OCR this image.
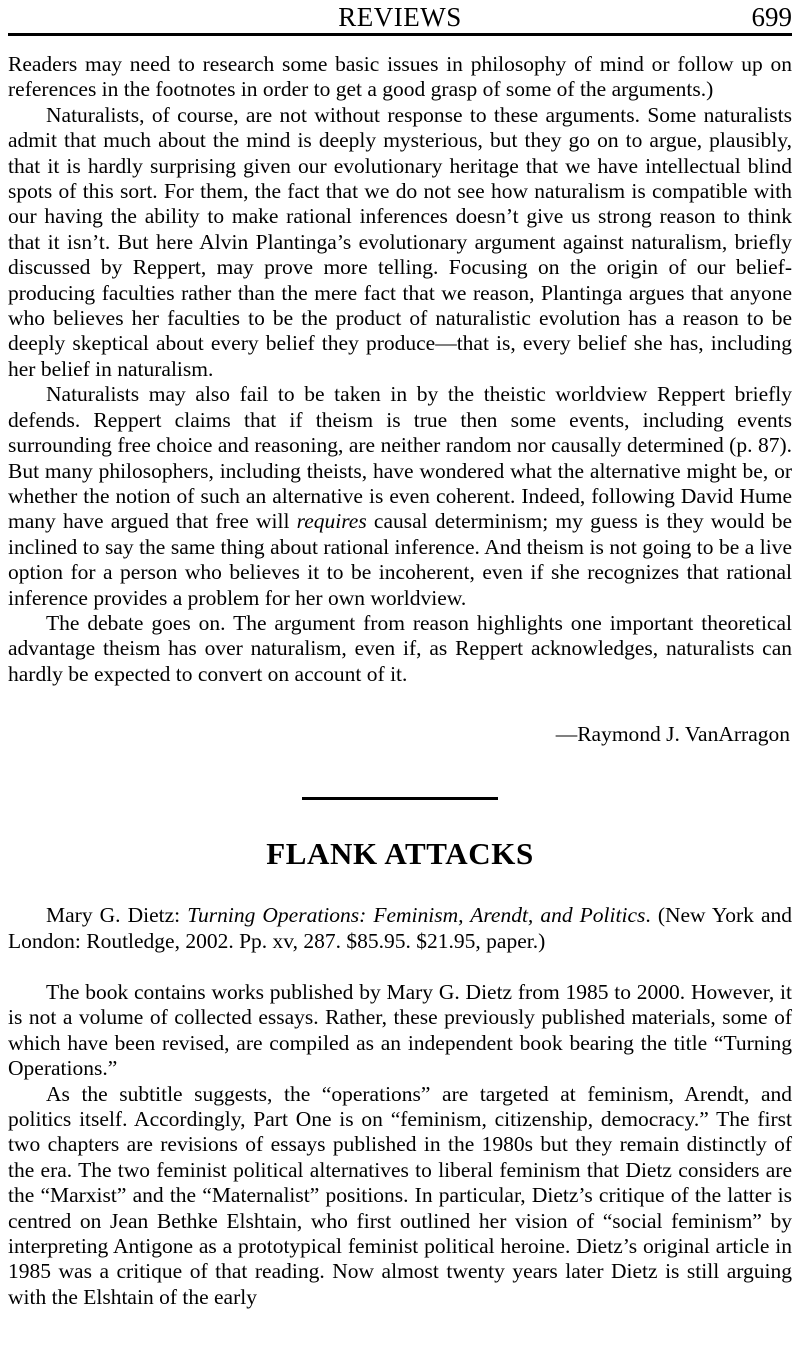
REVIEWS	699

Readers may need to research some basic issues in philosophy of mind or follow up on references in the footnotes in order to get a good grasp of some of the arguments.)

Naturalists, of course, are not without response to these arguments. Some naturalists admit that much about the mind is deeply mysterious, but they go on to argue, plausibly, that it is hardly surprising given our evolutionary heritage that we have intellectual blind spots of this sort. For them, the fact that we do not see how naturalism is compatible with our having the ability to make rational inferences doesn’t give us strong reason to think that it isn’t. But here Alvin Plantinga’s evolutionary argument against naturalism, briefly discussed by Reppert, may prove more telling. Focusing on the origin of our belief-producing faculties rather than the mere fact that we reason, Plantinga argues that anyone who believes her faculties to be the product of naturalistic evolution has a reason to be deeply skeptical about every belief they produce—that is, every belief she has, including her belief in naturalism.

Naturalists may also fail to be taken in by the theistic worldview Reppert briefly defends. Reppert claims that if theism is true then some events, including events surrounding free choice and reasoning, are neither random nor causally determined (p. 87). But many philosophers, including theists, have wondered what the alternative might be, or whether the notion of such an alternative is even coherent. Indeed, following David Hume many have argued that free will requires causal determinism; my guess is they would be inclined to say the same thing about rational inference. And theism is not going to be a live option for a person who believes it to be incoherent, even if she recognizes that rational inference provides a problem for her own worldview.

The debate goes on. The argument from reason highlights one important theoretical advantage theism has over naturalism, even if, as Reppert acknowledges, naturalists can hardly be expected to convert on account of it.

—Raymond J. VanArragon
FLANK ATTACKS
Mary G. Dietz: Turning Operations: Feminism, Arendt, and Politics. (New York and London: Routledge, 2002. Pp. xv, 287. $85.95. $21.95, paper.)

The book contains works published by Mary G. Dietz from 1985 to 2000. However, it is not a volume of collected essays. Rather, these previously published materials, some of which have been revised, are compiled as an independent book bearing the title “Turning Operations.”

As the subtitle suggests, the “operations” are targeted at feminism, Arendt, and politics itself. Accordingly, Part One is on “feminism, citizenship, democracy.” The first two chapters are revisions of essays published in the 1980s but they remain distinctly of the era. The two feminist political alternatives to liberal feminism that Dietz considers are the “Marxist” and the “Maternalist” positions. In particular, Dietz’s critique of the latter is centred on Jean Bethke Elshtain, who first outlined her vision of “social feminism” by interpreting Antigone as a prototypical feminist political heroine. Dietz’s original article in 1985 was a critique of that reading. Now almost twenty years later Dietz is still arguing with the Elshtain of the early
